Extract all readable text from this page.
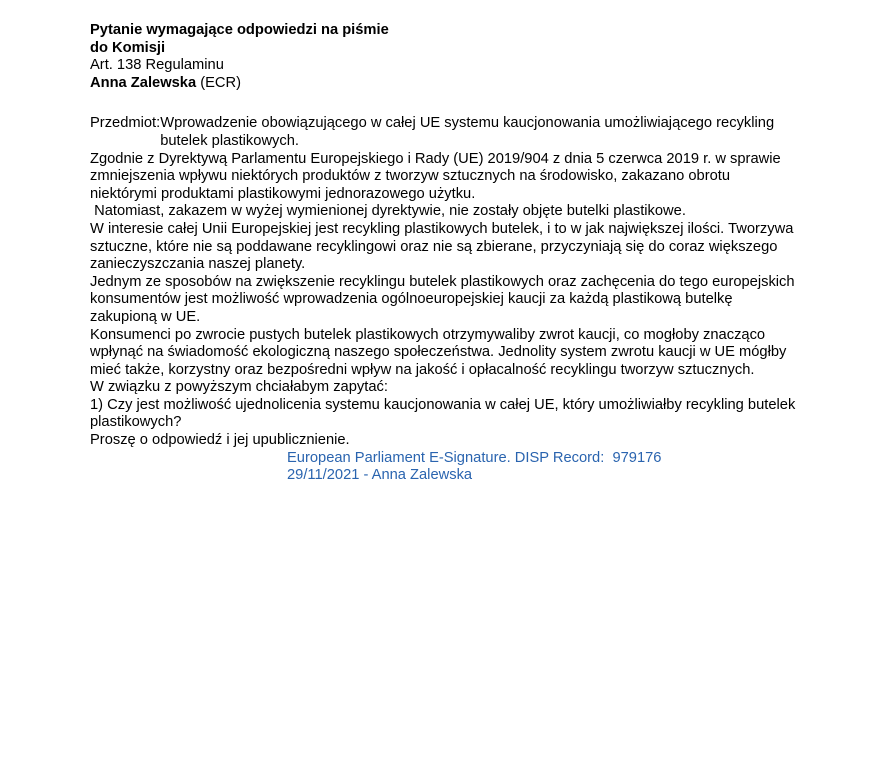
Pytanie wymagające odpowiedzi na piśmie
do Komisji
Art. 138 Regulaminu
Anna Zalewska (ECR)
Przedmiot: Wprowadzenie obowiązującego w całej UE systemu kaucjonowania umożliwiającego recykling butelek plastikowych.

Zgodnie z Dyrektywą Parlamentu Europejskiego i Rady (UE) 2019/904 z dnia 5 czerwca 2019 r. w sprawie zmniejszenia wpływu niektórych produktów z tworzyw sztucznych na środowisko, zakazano obrotu niektórymi produktami plastikowymi jednorazowego użytku.

Natomiast, zakazem w wyżej wymienionej dyrektywie, nie zostały objęte butelki plastikowe.

W interesie całej Unii Europejskiej jest recykling plastikowych butelek, i to w jak największej ilości. Tworzywa sztuczne, które nie są poddawane recyklingowi oraz nie są zbierane, przyczyniają się do coraz większego zanieczyszczania naszej planety.

Jednym ze sposobów na zwiększenie recyklingu butelek plastikowych oraz zachęcenia do tego europejskich konsumentów jest możliwość wprowadzenia ogólnoeuropejskiej kaucji za każdą plastikową butelkę zakupioną w UE.

Konsumenci po zwrocie pustych butelek plastikowych otrzymywaliby zwrot kaucji, co mogłoby znacząco wpłynąć na świadomość ekologiczną naszego społeczeństwa. Jednolity system zwrotu kaucji w UE mógłby mieć także, korzystny oraz bezpośredni wpływ na jakość i opłacalność recyklingu tworzyw sztucznych.

W związku z powyższym chciałabym zapytać:

1) Czy jest możliwość ujednolicenia systemu kaucjonowania w całej UE, który umożliwiałby recykling butelek plastikowych?

Proszę o odpowiedź i jej upublicznienie.

European Parliament E-Signature. DISP Record:  979176
29/11/2021 - Anna Zalewska
